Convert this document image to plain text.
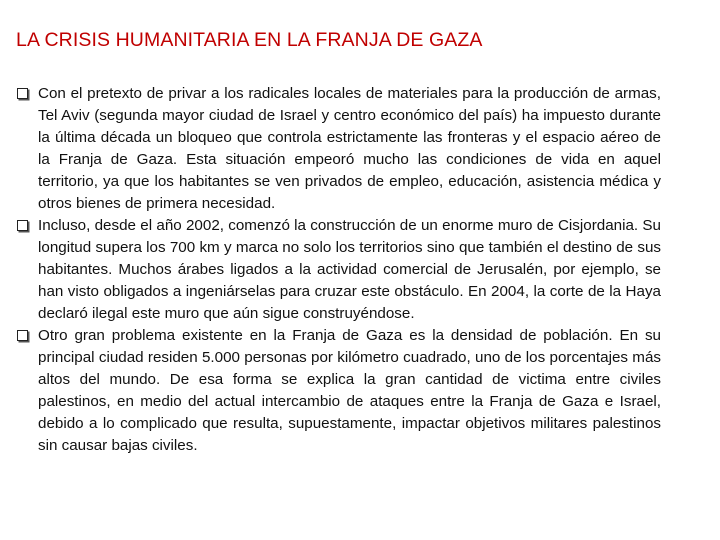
LA CRISIS HUMANITARIA EN LA FRANJA DE GAZA
Con el pretexto de privar a los radicales locales de materiales para la producción de armas, Tel Aviv (segunda mayor ciudad de Israel y centro económico del país) ha impuesto durante la última década un bloqueo que controla estrictamente las fronteras y el espacio aéreo de la Franja de Gaza. Esta situación empeoró mucho las condiciones de vida en aquel territorio, ya que los habitantes se ven privados de empleo, educación, asistencia médica y otros bienes de primera necesidad.
Incluso, desde el año 2002, comenzó la construcción de un enorme muro de Cisjordania. Su longitud supera los 700 km y marca no solo los territorios sino que también el destino de sus habitantes. Muchos árabes ligados a la actividad comercial de Jerusalén, por ejemplo, se han visto obligados a ingeniárselas para cruzar este obstáculo. En 2004, la corte de la Haya declaró ilegal este muro que aún sigue construyéndose.
Otro gran problema existente en la Franja de Gaza es la densidad de población. En su principal ciudad residen 5.000 personas por kilómetro cuadrado, uno de los porcentajes más altos del mundo. De esa forma se explica la gran cantidad de victima entre civiles palestinos, en medio del actual intercambio de ataques entre la Franja de Gaza e Israel, debido a lo complicado que resulta, supuestamente, impactar objetivos militares palestinos sin causar bajas civiles.
